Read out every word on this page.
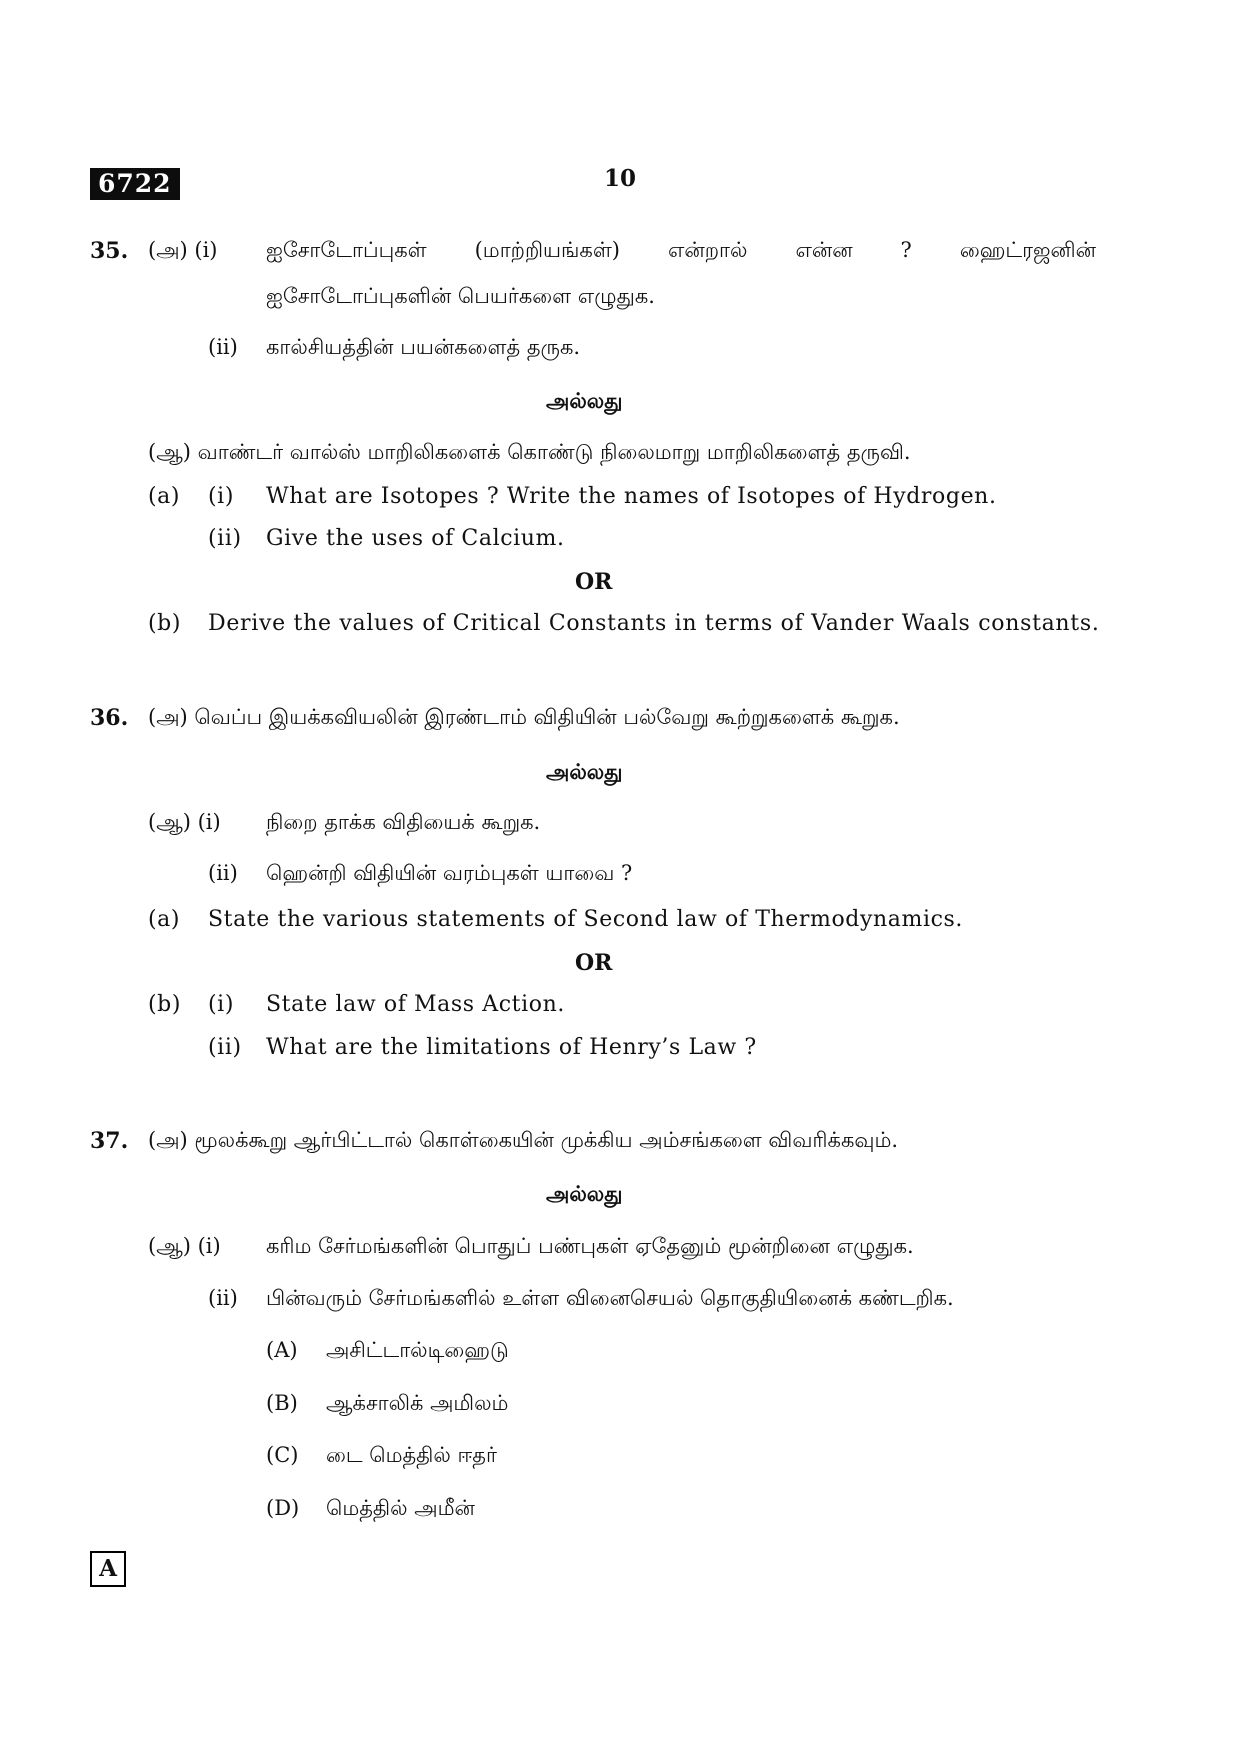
6722	10
35. (அ) (i) ஐசோடோப்புகள் (மாற்றியங்கள்) என்றால் என்ன ? ஹைட்ரஜனின்
ஐசோடோப்புகளின் பெயர்களை எழுதுக.
(ii) கால்சியத்தின் பயன்களைத் தருக.
அல்லது
(ஆ) வாண்டர் வால்ஸ் மாறிலிகளைக் கொண்டு நிலைமாறு மாறிலிகளைத் தருவி.
(a) (i) What are Isotopes ? Write the names of Isotopes of Hydrogen.
(ii) Give the uses of Calcium.
OR
(b) Derive the values of Critical Constants in terms of Vander Waals constants.
36. (அ) வெப்ப இயக்கவியலின் இரண்டாம் விதியின் பல்வேறு கூற்றுகளைக் கூறுக.
அல்லது
(ஆ) (i) நிறை தாக்க விதியைக் கூறுக.
(ii) ஹென்றி விதியின் வரம்புகள் யாவை ?
(a) State the various statements of Second law of Thermodynamics.
OR
(b) (i) State law of Mass Action.
(ii) What are the limitations of Henry’s Law ?
37. (அ) மூலக்கூறு ஆர்பிட்டால் கொள்கையின் முக்கிய அம்சங்களை விவரிக்கவும்.
அல்லது
(ஆ) (i) கரிம சேர்மங்களின் பொதுப் பண்புகள் ஏதேனும் மூன்றினை எழுதுக.
(ii) பின்வரும் சேர்மங்களில் உள்ள வினைசெயல் தொகுதியினைக் கண்டறிக.
(A) அசிட்டால்டிஹைடு
(B) ஆக்சாலிக் அமிலம்
(C) டை மெத்தில் ஈதர்
(D) மெத்தில் அமீன்
A
